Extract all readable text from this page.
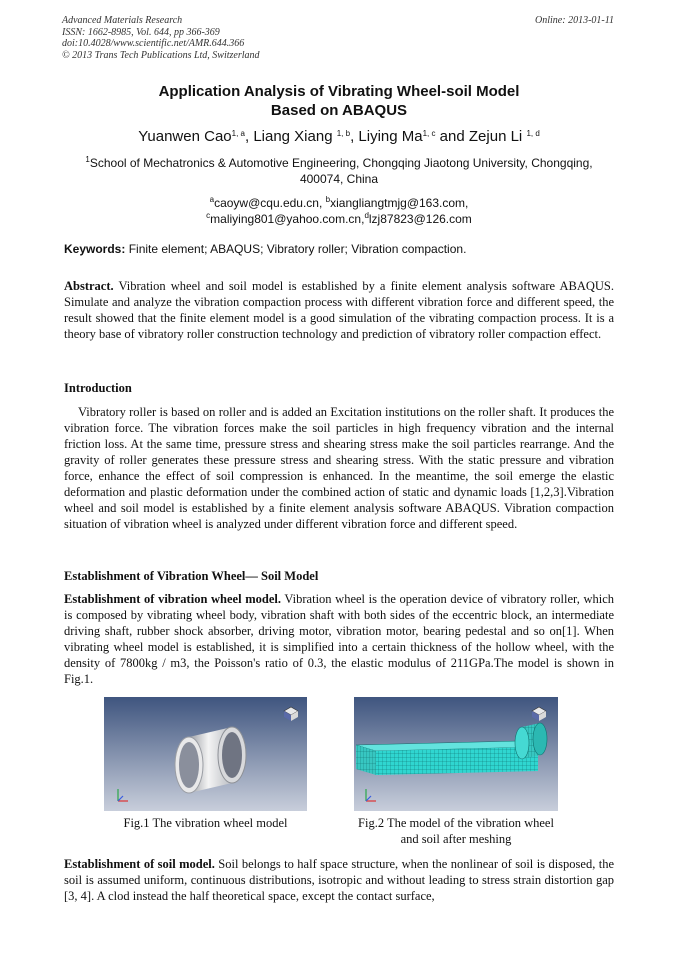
Advanced Materials Research
ISSN: 1662-8985, Vol. 644, pp 366-369
doi:10.4028/www.scientific.net/AMR.644.366
© 2013 Trans Tech Publications Ltd, Switzerland
Online: 2013-01-11
Application Analysis of Vibrating Wheel-soil Model
Based on ABAQUS
Yuanwen Cao$^{1, a}$, Liang Xiang $^{1, b}$, Liying Ma$^{1, c}$ and Zejun Li $^{1, d}$
$^1$School of Mechatronics & Automotive Engineering, Chongqing Jiaotong University, Chongqing, 400074, China
$^a$caoyw@cqu.edu.cn, $^b$xiangliangtmjg@163.com,
$^c$maliying801@yahoo.com.cn,$^d$lzj87823@126.com
Keywords: Finite element; ABAQUS; Vibratory roller; Vibration compaction.
Abstract. Vibration wheel and soil model is established by a finite element analysis software ABAQUS. Simulate and analyze the vibration compaction process with different vibration force and different speed, the result showed that the finite element model is a good simulation of the vibrating compaction process. It is a theory base of vibratory roller construction technology and prediction of vibratory roller compaction effect.
Introduction
Vibratory roller is based on roller and is added an Excitation institutions on the roller shaft. It produces the vibration force. The vibration forces make the soil particles in high frequency vibration and the internal friction loss. At the same time, pressure stress and shearing stress make the soil particles rearrange. And the gravity of roller generates these pressure stress and shearing stress. With the static pressure and vibration force, enhance the effect of soil compression is enhanced. In the meantime, the soil emerge the elastic deformation and plastic deformation under the combined action of static and dynamic loads [1,2,3].Vibration wheel and soil model is established by a finite element analysis software ABAQUS. Vibration compaction situation of vibration wheel is analyzed under different vibration force and different speed.
Establishment of Vibration Wheel— Soil Model
Establishment of vibration wheel model. Vibration wheel is the operation device of vibratory roller, which is composed by vibrating wheel body, vibration shaft with both sides of the eccentric block, an intermediate driving shaft, rubber shock absorber, driving motor, vibration motor, bearing pedestal and so on[1]. When vibrating wheel model is established, it is simplified into a certain thickness of the hollow wheel, with the density of 7800kg / m3, the Poisson's ratio of 0.3, the elastic modulus of 211GPa.The model is shown in Fig.1.
Fig.1 The vibration wheel model	Fig.2 The model of the vibration wheel
and soil after meshing
Establishment of soil model. Soil belongs to half space structure, when the nonlinear of soil is disposed, the soil is assumed uniform, continuous distributions, isotropic and without leading to stress strain distortion gap [3, 4]. A clod instead the half theoretical space, except the contact surface,
